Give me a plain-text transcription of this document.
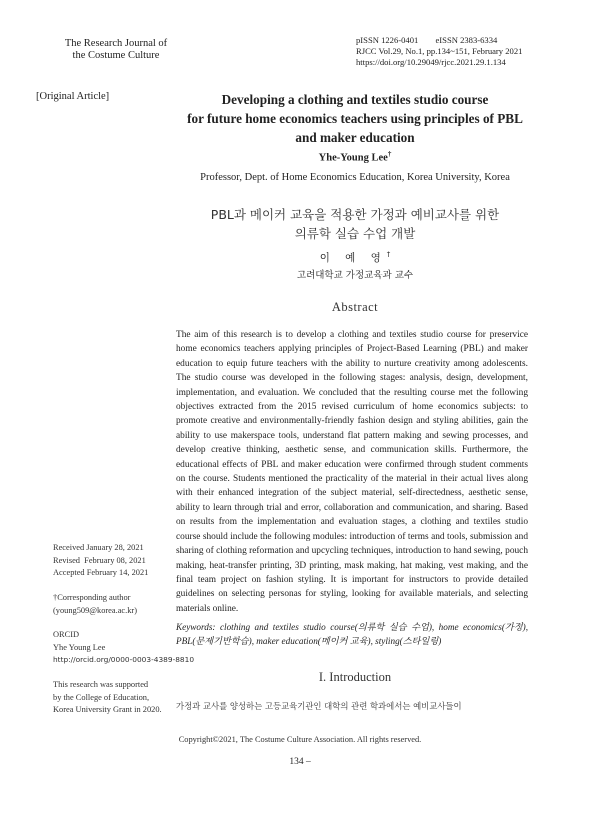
The Research Journal of
the Costume Culture
pISSN 1226-0401        eISSN 2383-6334
RJCC Vol.29, No.1, pp.134~151, February 2021
https://doi.org/10.29049/rjcc.2021.29.1.134
[Original Article]	Developing a clothing and textiles studio course
for future home economics teachers using principles of PBL
and maker education
Yhe-Young Lee†
Professor, Dept. of Home Economics Education, Korea University, Korea
PBL과 메이커 교육을 적용한 가정과 예비교사를 위한
의류학 실습 수업 개발
이 예 영†
고려대학교 가정교육과 교수
Abstract
The aim of this research is to develop a clothing and textiles studio course for preservice home economics teachers applying principles of Project-Based Learning (PBL) and maker education to equip future teachers with the ability to nurture creativity among adolescents. The studio course was developed in the following stages: analysis, design, development, implementation, and evaluation. We concluded that the resulting course met the following objectives extracted from the 2015 revised curriculum of home economics subjects: to promote creative and environmentally-friendly fashion design and styling abilities, gain the ability to use makerspace tools, understand flat pattern making and sewing processes, and develop creative thinking, aesthetic sense, and communication skills. Furthermore, the educational effects of PBL and maker education were confirmed through student comments on the course. Students mentioned the practicality of the material in their actual lives along with their enhanced integration of the subject material, self-directedness, aesthetic sense, ability to learn through trial and error, collaboration and communication, and sharing. Based on results from the implementation and evaluation stages, a clothing and textiles studio course should include the following modules: introduction of terms and tools, submission and sharing of clothing reformation and upcycling techniques, introduction to hand sewing, pouch making, heat-transfer printing, 3D printing, mask making, hat making, vest making, and the final team project on fashion styling. It is important for instructors to provide detailed guidelines on selecting personas for styling, looking for available materials, and selecting materials online.
Keywords: clothing and textiles studio course(의류학 실습 수업), home economics(가정), PBL(문제기반학습), maker education(메이커 교육), styling(스타일링)
Received January 28, 2021
Revised  February 08, 2021
Accepted February 14, 2021
†Corresponding author
(young509@korea.ac.kr)
ORCID
Yhe Young Lee
http://orcid.org/0000-0003-4389-8810
This research was supported
by the College of Education,
Korea University Grant in 2020.
I. Introduction
가정과 교사를 양성하는 고등교육기관인 대학의 관련 학과에서는 예비교사들이
Copyright©2021, The Costume Culture Association. All rights reserved.
134 –
